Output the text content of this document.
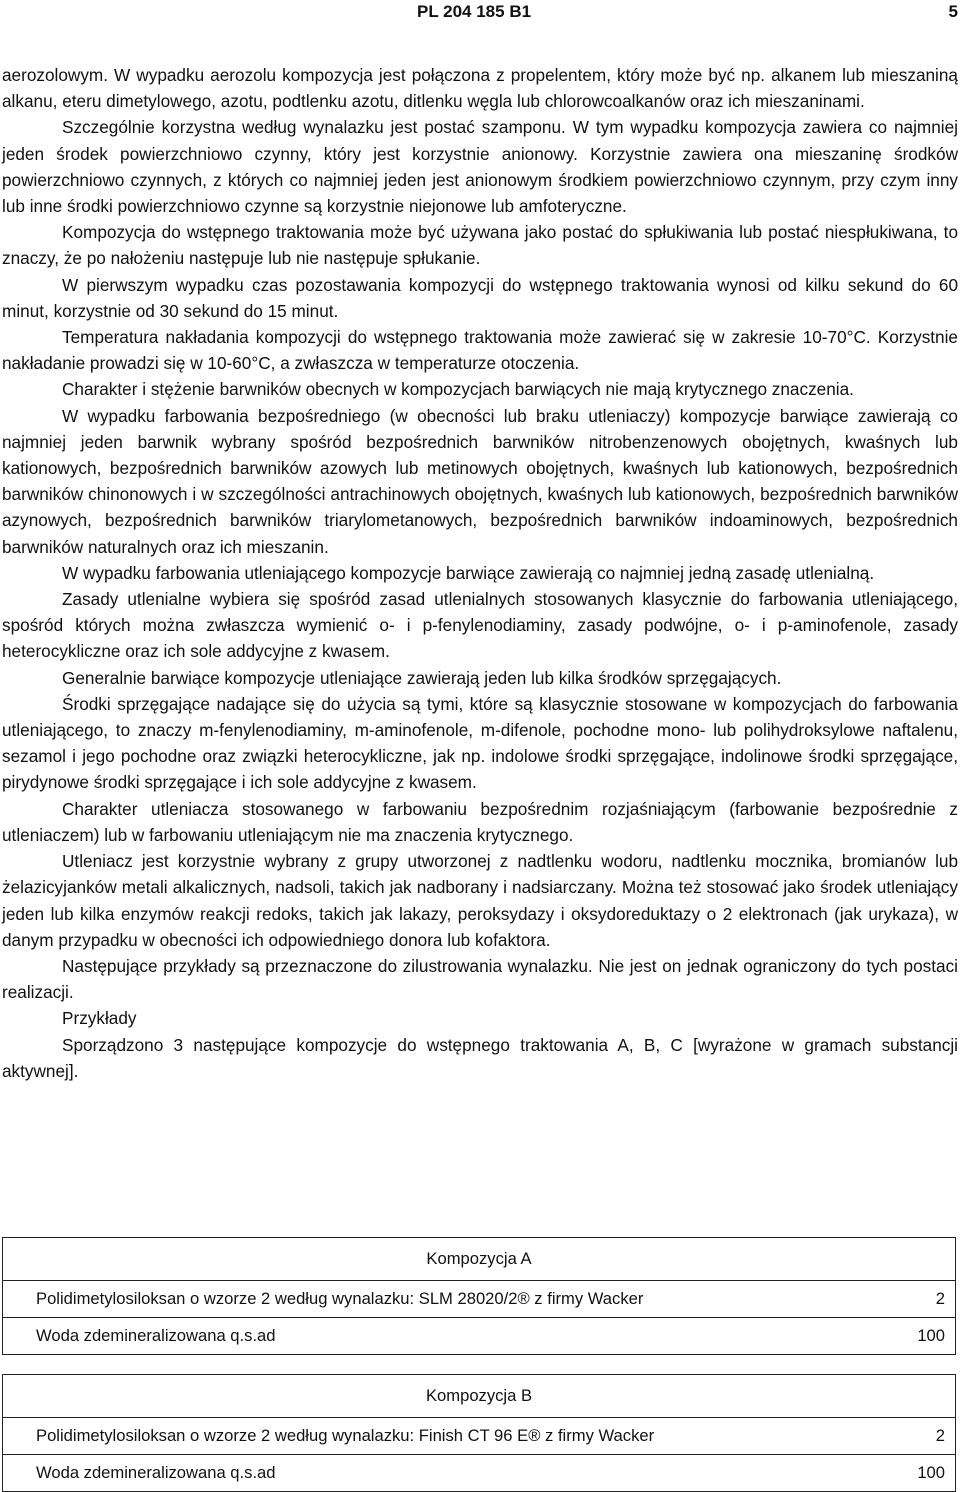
PL 204 185 B1	5

aerozolowym. W wypadku aerozolu kompozycja jest połączona z propelentem, który może być np. alkanem lub mieszaniną alkanu, eteru dimetylowego, azotu, podtlenku azotu, ditlenku węgla lub chlorowcoalkanów oraz ich mieszaninami.

Szczególnie korzystna według wynalazku jest postać szamponu. W tym wypadku kompozycja zawiera co najmniej jeden środek powierzchniowo czynny, który jest korzystnie anionowy. Korzystnie zawiera ona mieszaninę środków powierzchniowo czynnych, z których co najmniej jeden jest anionowym środkiem powierzchniowo czynnym, przy czym inny lub inne środki powierzchniowo czynne są korzystnie niejonowe lub amfoteryczne.

Kompozycja do wstępnego traktowania może być używana jako postać do spłukiwania lub postać niespłukiwana, to znaczy, że po nałożeniu następuje lub nie następuje spłukanie.

W pierwszym wypadku czas pozostawania kompozycji do wstępnego traktowania wynosi od kilku sekund do 60 minut, korzystnie od 30 sekund do 15 minut.

Temperatura nakładania kompozycji do wstępnego traktowania może zawierać się w zakresie 10-70°C. Korzystnie nakładanie prowadzi się w 10-60°C, a zwłaszcza w temperaturze otoczenia.

Charakter i stężenie barwników obecnych w kompozycjach barwiących nie mają krytycznego znaczenia.

W wypadku farbowania bezpośredniego (w obecności lub braku utleniaczy) kompozycje barwiące zawierają co najmniej jeden barwnik wybrany spośród bezpośrednich barwników nitrobenzenowych obojętnych, kwaśnych lub kationowych, bezpośrednich barwników azowych lub metinowych obojętnych, kwaśnych lub kationowych, bezpośrednich barwników chinonowych i w szczególności antrachinowych obojętnych, kwaśnych lub kationowych, bezpośrednich barwników azynowych, bezpośrednich barwników triarylometanowych, bezpośrednich barwników indoaminowych, bezpośrednich barwników naturalnych oraz ich mieszanin.

W wypadku farbowania utleniającego kompozycje barwiące zawierają co najmniej jedną zasadę utlenialną.

Zasady utlenialne wybiera się spośród zasad utlenialnych stosowanych klasycznie do farbowania utleniającego, spośród których można zwłaszcza wymienić o- i p-fenylenodiaminy, zasady podwójne, o- i p-aminofenole, zasady heterocykliczne oraz ich sole addycyjne z kwasem.

Generalnie barwiące kompozycje utleniające zawierają jeden lub kilka środków sprzęgających.

Środki sprzęgające nadające się do użycia są tymi, które są klasycznie stosowane w kompozycjach do farbowania utleniającego, to znaczy m-fenylenodiaminy, m-aminofenole, m-difenole, pochodne mono- lub polihydroksylowe naftalenu, sezamol i jego pochodne oraz związki heterocykliczne, jak np. indolowe środki sprzęgające, indolinowe środki sprzęgające, pirydynowe środki sprzęgające i ich sole addycyjne z kwasem.

Charakter utleniacza stosowanego w farbowaniu bezpośrednim rozjaśniającym (farbowanie bezpośrednie z utleniaczem) lub w farbowaniu utleniającym nie ma znaczenia krytycznego.

Utleniacz jest korzystnie wybrany z grupy utworzonej z nadtlenku wodoru, nadtlenku mocznika, bromianów lub żelazicyjanków metali alkalicznych, nadsoli, takich jak nadborany i nadsiarczany. Można też stosować jako środek utleniający jeden lub kilka enzymów reakcji redoks, takich jak lakazy, peroksydazy i oksydoreduktazy o 2 elektronach (jak urykaza), w danym przypadku w obecności ich odpowiedniego donora lub kofaktora.

Następujące przykłady są przeznaczone do zilustrowania wynalazku. Nie jest on jednak ograniczony do tych postaci realizacji.

Przykłady

Sporządzono 3 następujące kompozycje do wstępnego traktowania A, B, C [wyrażone w gramach substancji aktywnej].

Kompozycja A	
Polidimetylosiloksan o wzorze 2 według wynalazku: SLM 28020/2® z firmy Wacker	2
Woda zdemineralizowana q.s.ad	100
Kompozycja B	
Polidimetylosiloksan o wzorze 2 według wynalazku: Finish CT 96 E® z firmy Wacker	2
Woda zdemineralizowana q.s.ad	100
